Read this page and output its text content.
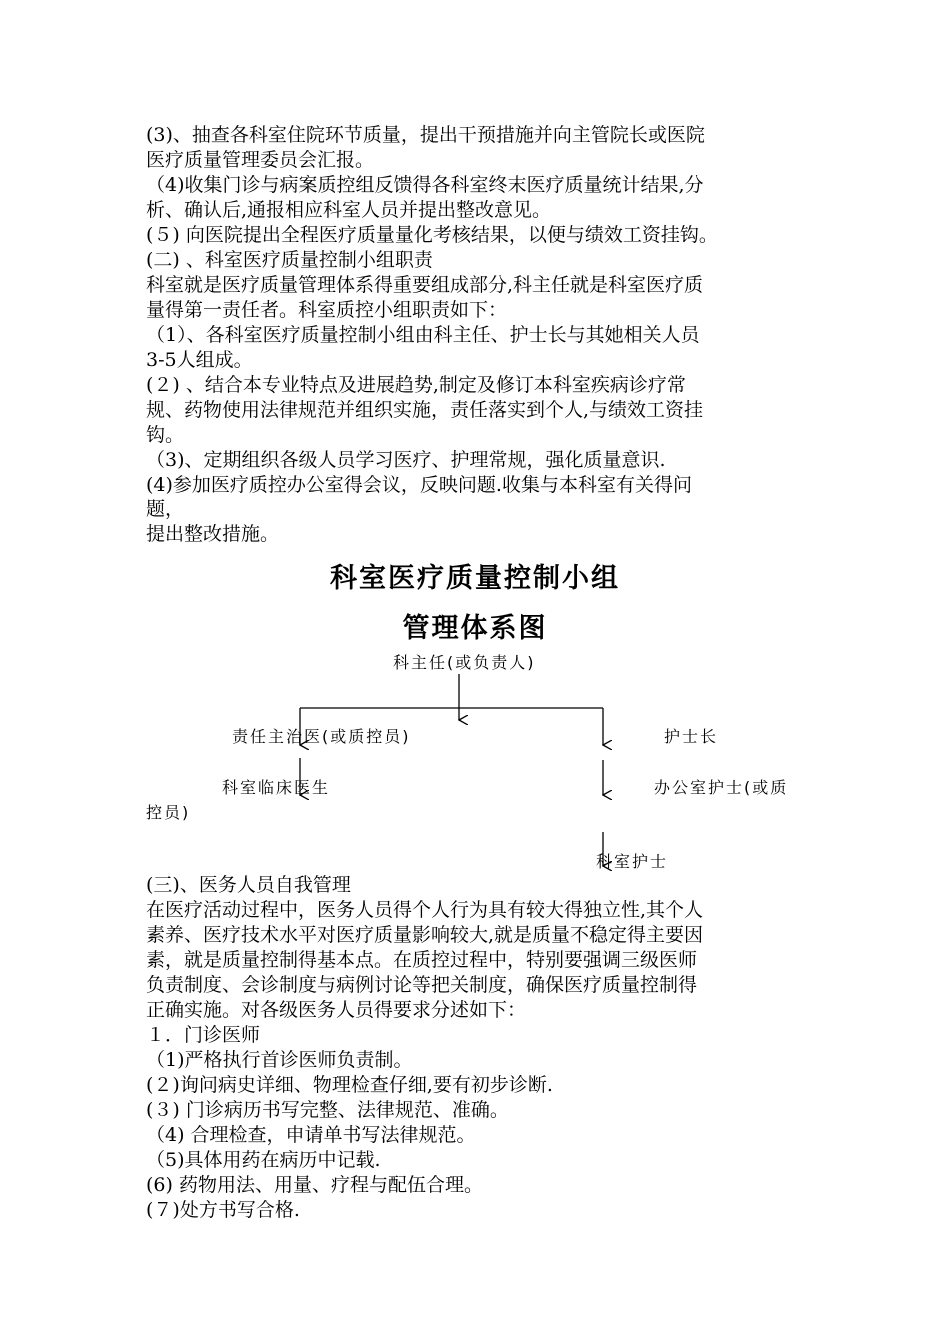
(3)、抽查各科室住院环节质量，提出干预措施并向主管院长或医院
医疗质量管理委员会汇报。
（4)收集门诊与病案质控组反馈得各科室终末医疗质量统计结果,分
析、确认后,通报相应科室人员并提出整改意见。
(５) 向医院提出全程医疗质量量化考核结果，以便与绩效工资挂钩。
(二) 、科室医疗质量控制小组职责
科室就是医疗质量管理体系得重要组成部分,科主任就是科室医疗质
量得第一责任者。科室质控小组职责如下：
（1）、各科室医疗质量控制小组由科主任、护士长与其她相关人员
3-5人组成。
(２) 、结合本专业特点及进展趋势,制定及修订本科室疾病诊疗常
规、药物使用法律规范并组织实施，责任落实到个人,与绩效工资挂
钩。
（3)、定期组织各级人员学习医疗、护理常规，强化质量意识.
(4)参加医疗质控办公室得会议，反映问题.收集与本科室有关得问
题，
提出整改措施。
科室医疗质量控制小组
管理体系图
科主任(或负责人)
责任主治医(或质控员)	护士长
科室临床医生	办公室护士(或质
控员)
科室护士
(三)、医务人员自我管理
在医疗活动过程中，医务人员得个人行为具有较大得独立性,其个人
素养、医疗技术水平对医疗质量影响较大,就是质量不稳定得主要因
素，就是质量控制得基本点。在质控过程中，特别要强调三级医师
负责制度、会诊制度与病例讨论等把关制度，确保医疗质量控制得
正确实施。对各级医务人员得要求分述如下：
１．门诊医师
（1)严格执行首诊医师负责制。
(２)询问病史详细、物理检查仔细,要有初步诊断.
(３) 门诊病历书写完整、法律规范、准确。
（4) 合理检查，申请单书写法律规范。
（5)具体用药在病历中记载.
(6) 药物用法、用量、疗程与配伍合理。
(７)处方书写合格.
